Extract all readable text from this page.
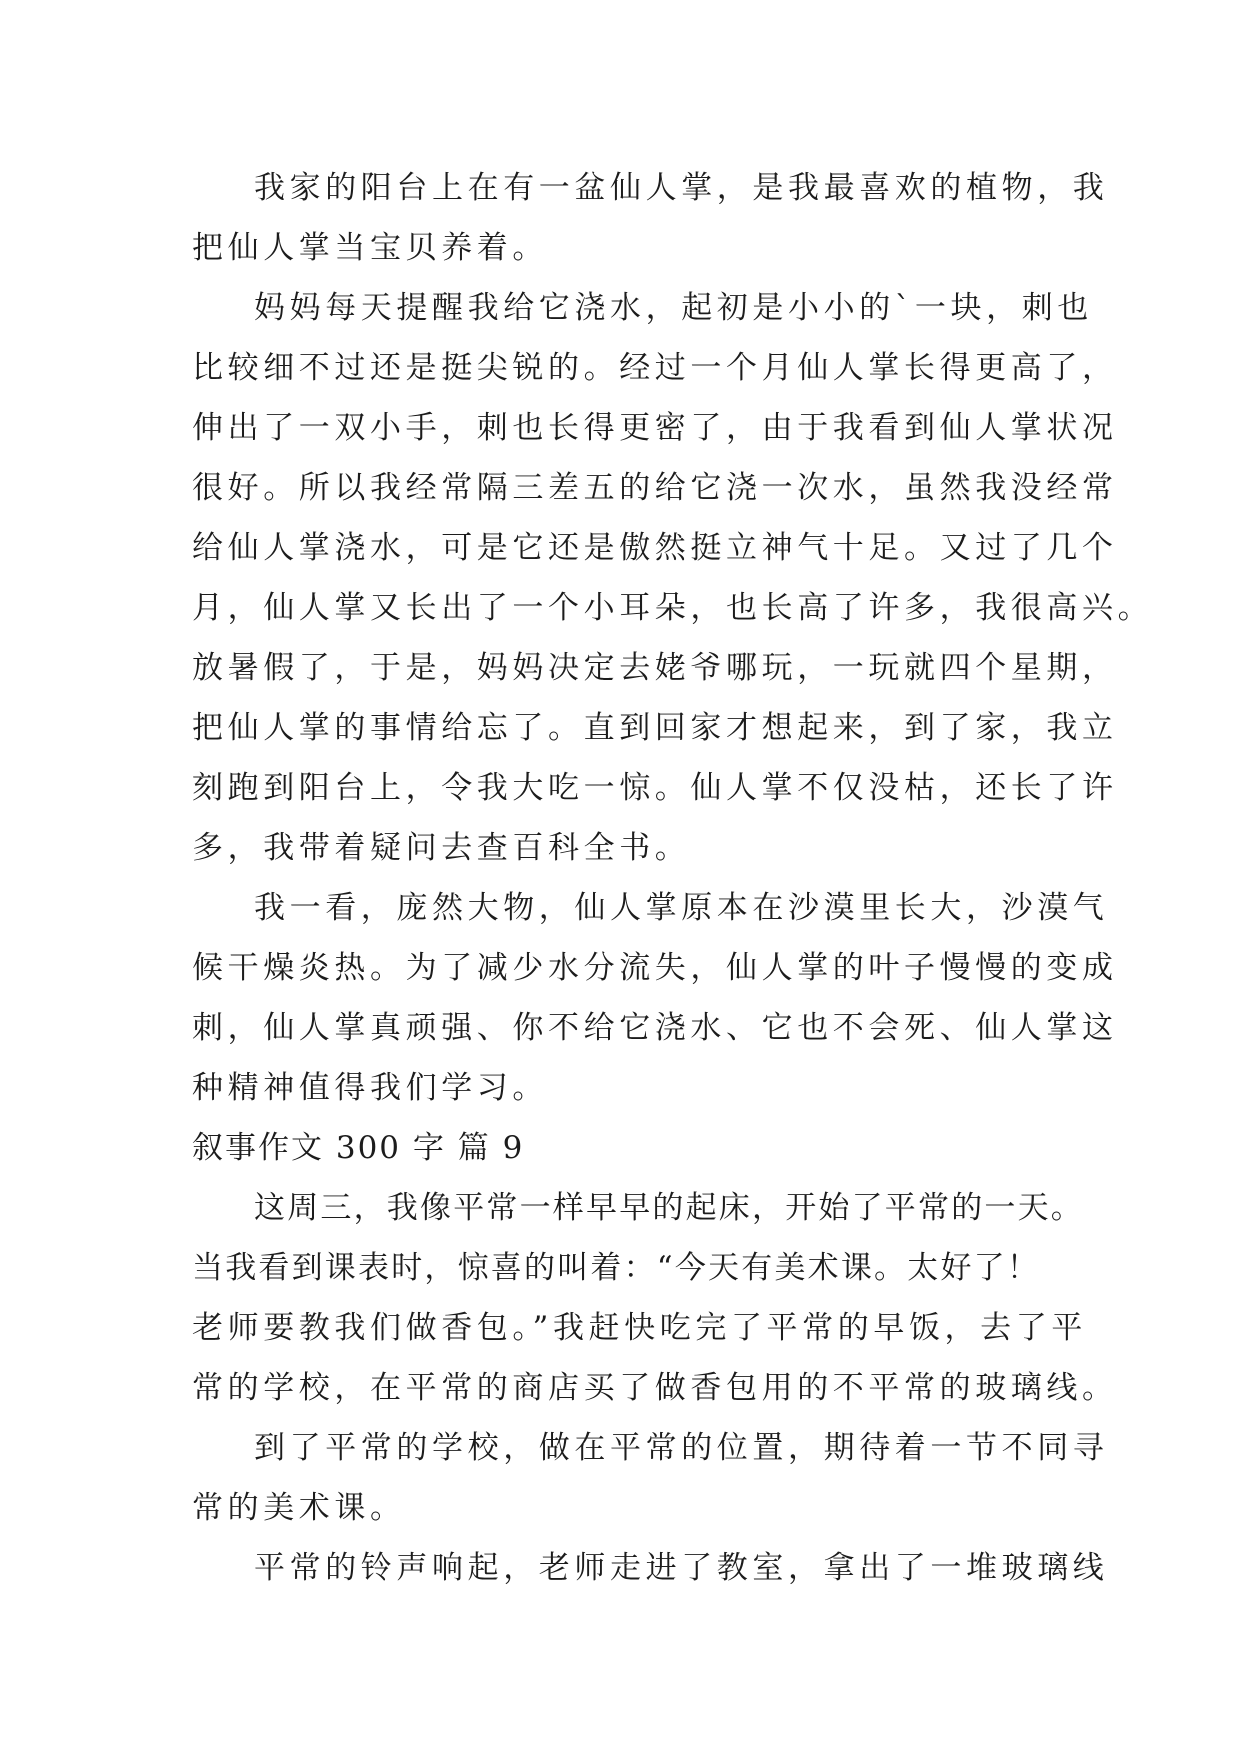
我家的阳台上在有一盆仙人掌，是我最喜欢的植物，我
把仙人掌当宝贝养着。
妈妈每天提醒我给它浇水，起初是小小的`一块，刺也
比较细不过还是挺尖锐的。经过一个月仙人掌长得更高了，
伸出了一双小手，刺也长得更密了，由于我看到仙人掌状况
很好。所以我经常隔三差五的给它浇一次水，虽然我没经常
给仙人掌浇水，可是它还是傲然挺立神气十足。又过了几个
月，仙人掌又长出了一个小耳朵，也长高了许多，我很高兴。
放暑假了，于是，妈妈决定去姥爷哪玩，一玩就四个星期，
把仙人掌的事情给忘了。直到回家才想起来，到了家，我立
刻跑到阳台上，令我大吃一惊。仙人掌不仅没枯，还长了许
多，我带着疑问去查百科全书。
我一看，庞然大物，仙人掌原本在沙漠里长大，沙漠气
候干燥炎热。为了减少水分流失，仙人掌的叶子慢慢的变成
刺，仙人掌真顽强、你不给它浇水、它也不会死、仙人掌这
种精神值得我们学习。
叙事作文 300 字 篇 9
这周三，我像平常一样早早的起床，开始了平常的一天。
当我看到课表时，惊喜的叫着：“今天有美术课。太好了！
老师要教我们做香包。”我赶快吃完了平常的早饭，去了平
常的学校，在平常的商店买了做香包用的不平常的玻璃线。
到了平常的学校，做在平常的位置，期待着一节不同寻
常的美术课。
平常的铃声响起，老师走进了教室，拿出了一堆玻璃线
